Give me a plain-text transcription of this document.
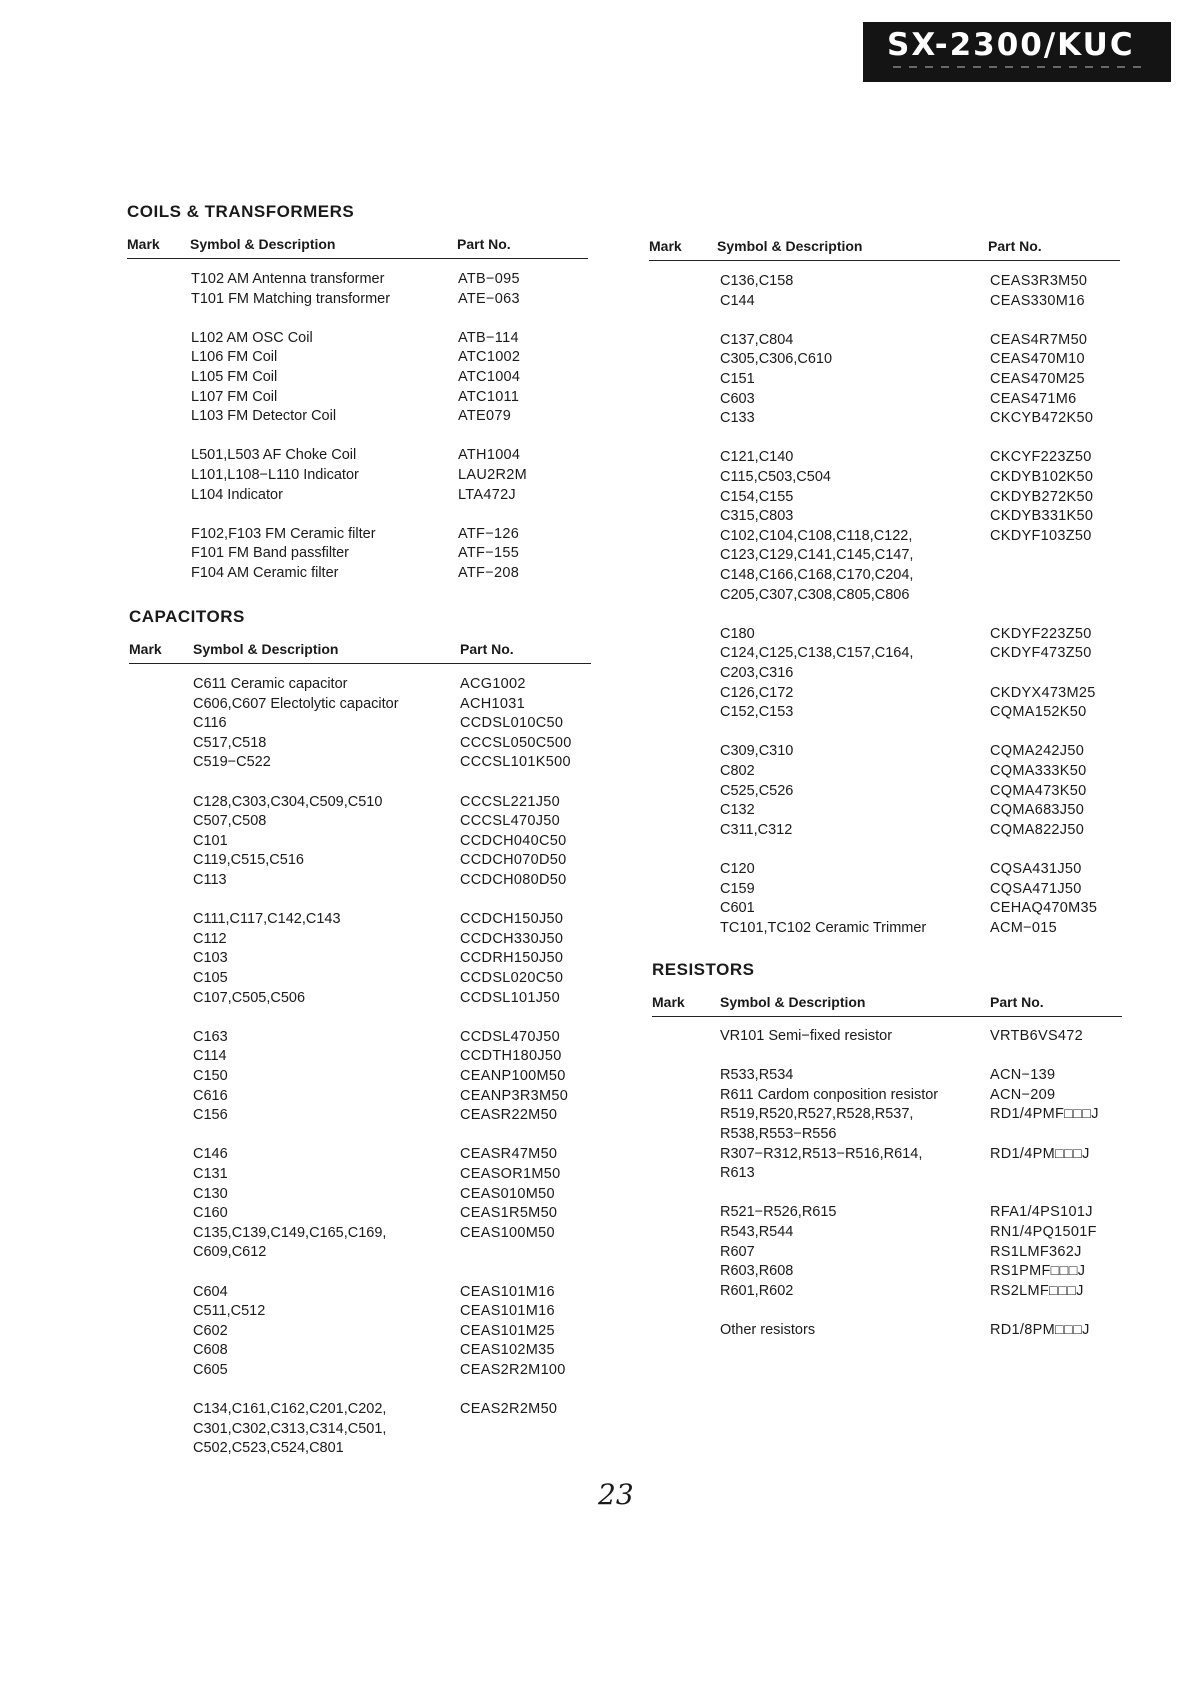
SX-2300/KUC
COILS & TRANSFORMERS
Mark Symbol & Description	Part No.
T102 AM Antenna transformer	ATB−095
T101 FM Matching transformer	ATE−063
L102 AM OSC Coil	ATB−114
L106 FM Coil	ATC1002
L105 FM Coil	ATC1004
L107 FM Coil	ATC1011
L103 FM Detector Coil	ATE079
L501,L503 AF Choke Coil	ATH1004
L101,L108−L110 Indicator	LAU2R2M
L104 Indicator	LTA472J
F102,F103 FM Ceramic filter	ATF−126
F101 FM Band passfilter	ATF−155
F104 AM Ceramic filter	ATF−208
CAPACITORS
Mark Symbol & Description	Part No.
C611 Ceramic capacitor	ACG1002
C606,C607 Electolytic capacitor	ACH1031
C116	CCDSL010C50
C517,C518	CCCSL050C500
C519−C522	CCCSL101K500
C128,C303,C304,C509,C510	CCCSL221J50
C507,C508	CCCSL470J50
C101	CCDCH040C50
C119,C515,C516	CCDCH070D50
C113	CCDCH080D50
C111,C117,C142,C143	CCDCH150J50
C112	CCDCH330J50
C103	CCDRH150J50
C105	CCDSL020C50
C107,C505,C506	CCDSL101J50
C163	CCDSL470J50
C114	CCDTH180J50
C150	CEANP100M50
C616	CEANP3R3M50
C156	CEASR22M50
C146	CEASR47M50
C131	CEASOR1M50
C130	CEAS010M50
C160	CEAS1R5M50
C135,C139,C149,C165,C169,	CEAS100M50
C609,C612
C604	CEAS101M16
C511,C512	CEAS101M16
C602	CEAS101M25
C608	CEAS102M35
C605	CEAS2R2M100
C134,C161,C162,C201,C202,	CEAS2R2M50
C301,C302,C313,C314,C501,
C502,C523,C524,C801
Mark	Symbol & Description	Part No.
C136,C158	CEAS3R3M50
C144	CEAS330M16
C137,C804	CEAS4R7M50
C305,C306,C610	CEAS470M10
C151	CEAS470M25
C603	CEAS471M6
C133	CKCYB472K50
C121,C140	CKCYF223Z50
C115,C503,C504	CKDYB102K50
C154,C155	CKDYB272K50
C315,C803	CKDYB331K50
C102,C104,C108,C118,C122,	CKDYF103Z50
C123,C129,C141,C145,C147,
C148,C166,C168,C170,C204,
C205,C307,C308,C805,C806
C180	CKDYF223Z50
C124,C125,C138,C157,C164,	CKDYF473Z50
C203,C316
C126,C172	CKDYX473M25
C152,C153	CQMA152K50
C309,C310	CQMA242J50
C802	CQMA333K50
C525,C526	CQMA473K50
C132	CQMA683J50
C311,C312	CQMA822J50
C120	CQSA431J50
C159	CQSA471J50
C601	CEHAQ470M35
TC101,TC102 Ceramic Trimmer	ACM−015
RESISTORS
Mark	Symbol & Description	Part No.
VR101 Semi−fixed resistor	VRTB6VS472
R533,R534	ACN−139
R611 Cardom conposition resistor	ACN−209
R519,R520,R527,R528,R537,	RD1/4PMF□□□J
R538,R553−R556
R307−R312,R513−R516,R614,	RD1/4PM□□□J
R613
R521−R526,R615	RFA1/4PS101J
R543,R544	RN1/4PQ1501F
R607	RS1LMF362J
R603,R608	RS1PMF□□□J
R601,R602	RS2LMF□□□J
Other resistors	RD1/8PM□□□J
23
